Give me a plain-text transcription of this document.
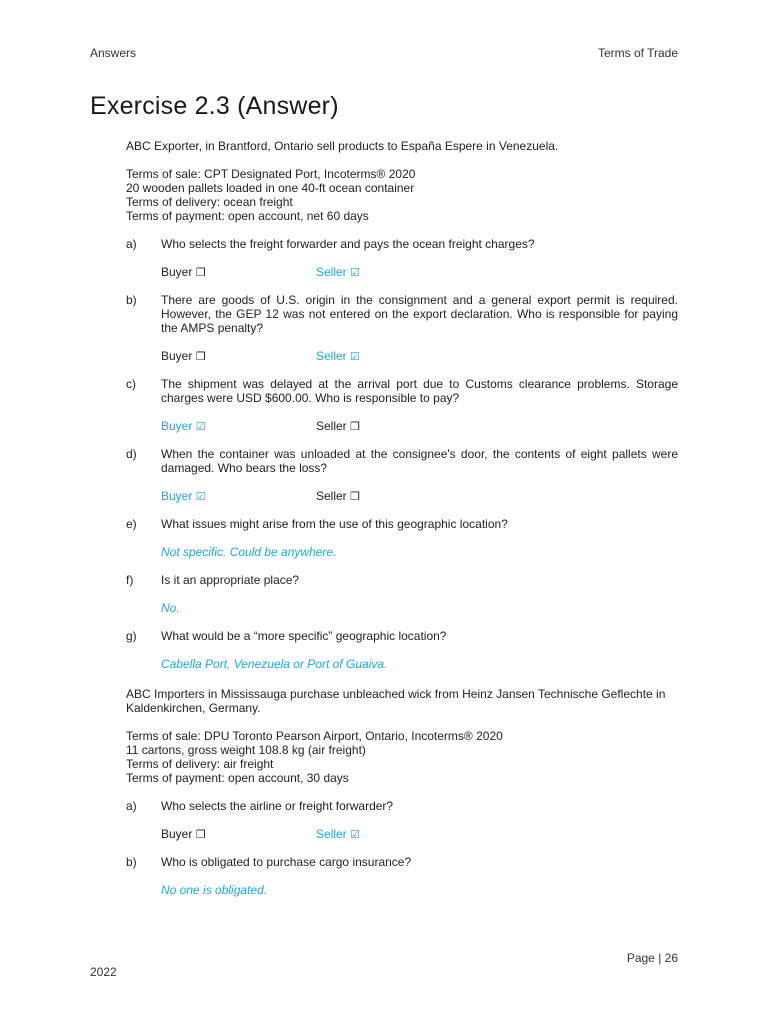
Answers	Terms of Trade
Exercise 2.3 (Answer)
ABC Exporter, in Brantford, Ontario sell products to España Espere in Venezuela.
Terms of sale: CPT Designated Port, Incoterms® 2020
20 wooden pallets loaded in one 40-ft ocean container
Terms of delivery: ocean freight
Terms of payment: open account, net 60 days
a) Who selects the freight forwarder and pays the ocean freight charges?
Buyer ❒	Seller ☑
b) There are goods of U.S. origin in the consignment and a general export permit is required. However, the GEP 12 was not entered on the export declaration. Who is responsible for paying the AMPS penalty?
Buyer ❒	Seller ☑
c) The shipment was delayed at the arrival port due to Customs clearance problems. Storage charges were USD $600.00. Who is responsible to pay?
Buyer ☑	Seller ❒
d) When the container was unloaded at the consignee's door, the contents of eight pallets were damaged. Who bears the loss?
Buyer ☑	Seller ❒
e) What issues might arise from the use of this geographic location?
Not specific. Could be anywhere.
f) Is it an appropriate place?
No.
g) What would be a “more specific” geographic location?
Cabella Port, Venezuela or Port of Guaiva.
ABC Importers in Mississauga purchase unbleached wick from Heinz Jansen Technische Geflechte in Kaldenkirchen, Germany.
Terms of sale: DPU Toronto Pearson Airport, Ontario, Incoterms® 2020
11 cartons, gross weight 108.8 kg (air freight)
Terms of delivery: air freight
Terms of payment: open account, 30 days
a) Who selects the airline or freight forwarder?
Buyer ❒	Seller ☑
b) Who is obligated to purchase cargo insurance?
No one is obligated.
Page | 26
2022
